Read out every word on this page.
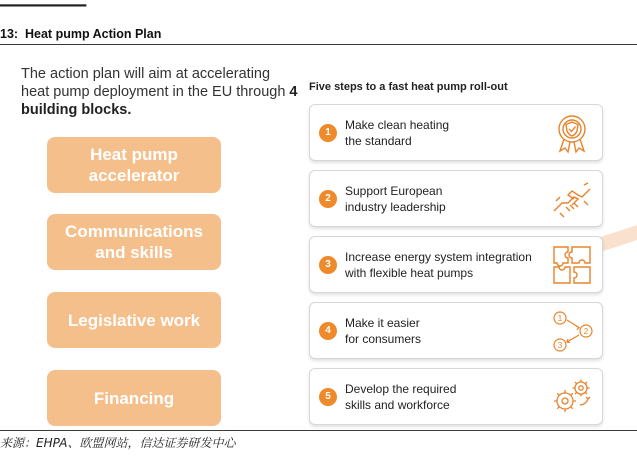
13: Heat pump Action Plan
The action plan will aim at accelerating heat pump deployment in the EU through 4 building blocks.
Heat pump
accelerator
Communications
and skills
Legislative work
Financing
Five steps to a fast heat pump roll-out
1
Make clean heating
the standard
2
Support European
industry leadership
3
Increase energy system integration
with flexible heat pumps
4
Make it easier
for consumers
1
2
3
5
Develop the required
skills and workforce
来源：EHPA、欧盟网站，信达证券研发中心
